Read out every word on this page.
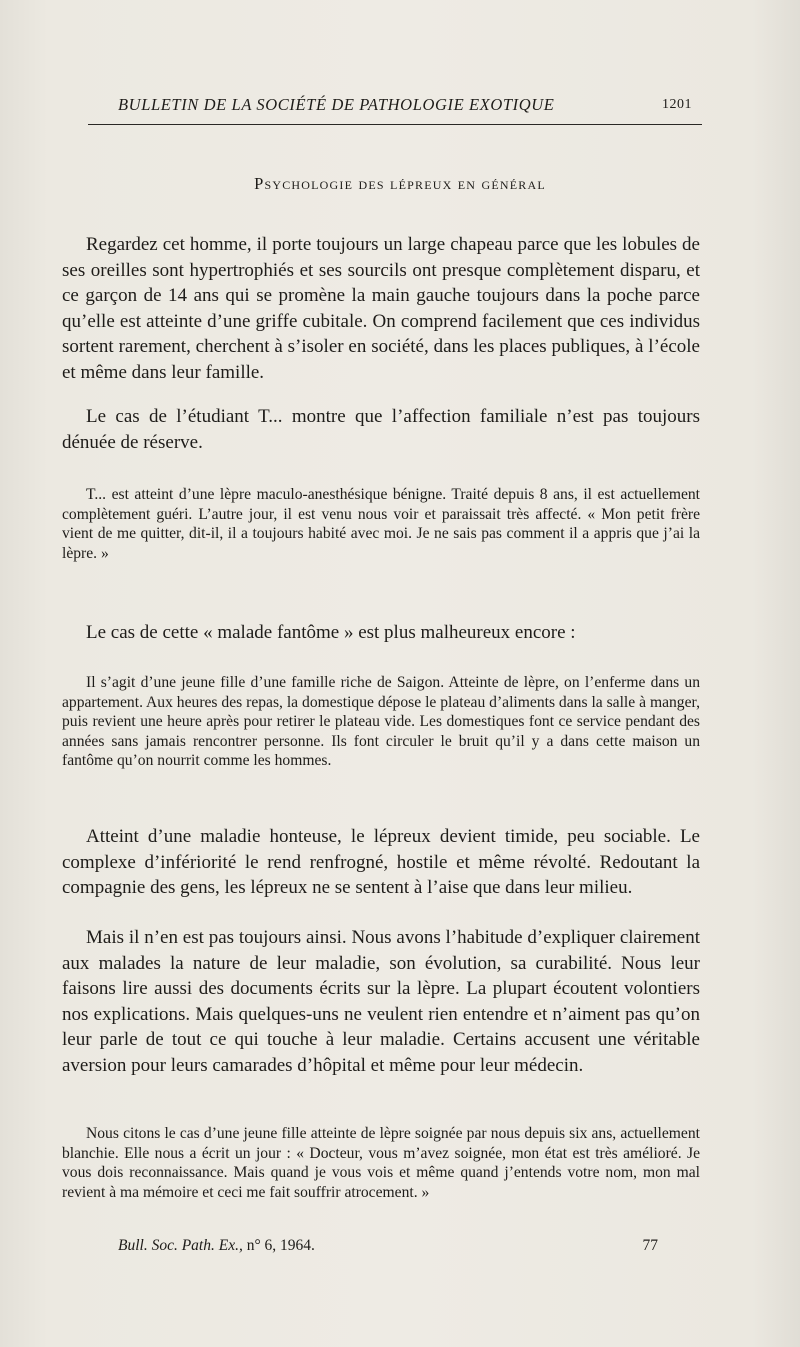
BULLETIN DE LA SOCIÉTÉ DE PATHOLOGIE EXOTIQUE	1201
Psychologie des lépreux en général

Regardez cet homme, il porte toujours un large chapeau parce que les lobules de ses oreilles sont hypertrophiés et ses sourcils ont presque complètement disparu, et ce garçon de 14 ans qui se promène la main gauche toujours dans la poche parce qu’elle est atteinte d’une griffe cubitale. On comprend facilement que ces individus sortent rarement, cherchent à s’isoler en société, dans les places publiques, à l’école et même dans leur famille.

Le cas de l’étudiant T... montre que l’affection familiale n’est pas toujours dénuée de réserve.

T... est atteint d’une lèpre maculo-anesthésique bénigne. Traité depuis 8 ans, il est actuellement complètement guéri. L’autre jour, il est venu nous voir et paraissait très affecté. « Mon petit frère vient de me quitter, dit-il, il a toujours habité avec moi. Je ne sais pas comment il a appris que j’ai la lèpre. »

Le cas de cette « malade fantôme » est plus malheureux encore :

Il s’agit d’une jeune fille d’une famille riche de Saigon. Atteinte de lèpre, on l’enferme dans un appartement. Aux heures des repas, la domestique dépose le plateau d’aliments dans la salle à manger, puis revient une heure après pour retirer le plateau vide. Les domestiques font ce service pendant des années sans jamais rencontrer personne. Ils font circuler le bruit qu’il y a dans cette maison un fantôme qu’on nourrit comme les hommes.

Atteint d’une maladie honteuse, le lépreux devient timide, peu sociable. Le complexe d’infériorité le rend renfrogné, hostile et même révolté. Redoutant la compagnie des gens, les lépreux ne se sentent à l’aise que dans leur milieu.

Mais il n’en est pas toujours ainsi. Nous avons l’habitude d’expliquer clairement aux malades la nature de leur maladie, son évolution, sa curabilité. Nous leur faisons lire aussi des documents écrits sur la lèpre. La plupart écoutent volontiers nos explications. Mais quelques-uns ne veulent rien entendre et n’aiment pas qu’on leur parle de tout ce qui touche à leur maladie. Certains accusent une véritable aversion pour leurs camarades d’hôpital et même pour leur médecin.

Nous citons le cas d’une jeune fille atteinte de lèpre soignée par nous depuis six ans, actuellement blanchie. Elle nous a écrit un jour : « Docteur, vous m’avez soignée, mon état est très amélioré. Je vous dois reconnaissance. Mais quand je vous vois et même quand j’entends votre nom, mon mal revient à ma mémoire et ceci me fait souffrir atrocement. »

Bull. Soc. Path. Ex., n° 6, 1964.	77
